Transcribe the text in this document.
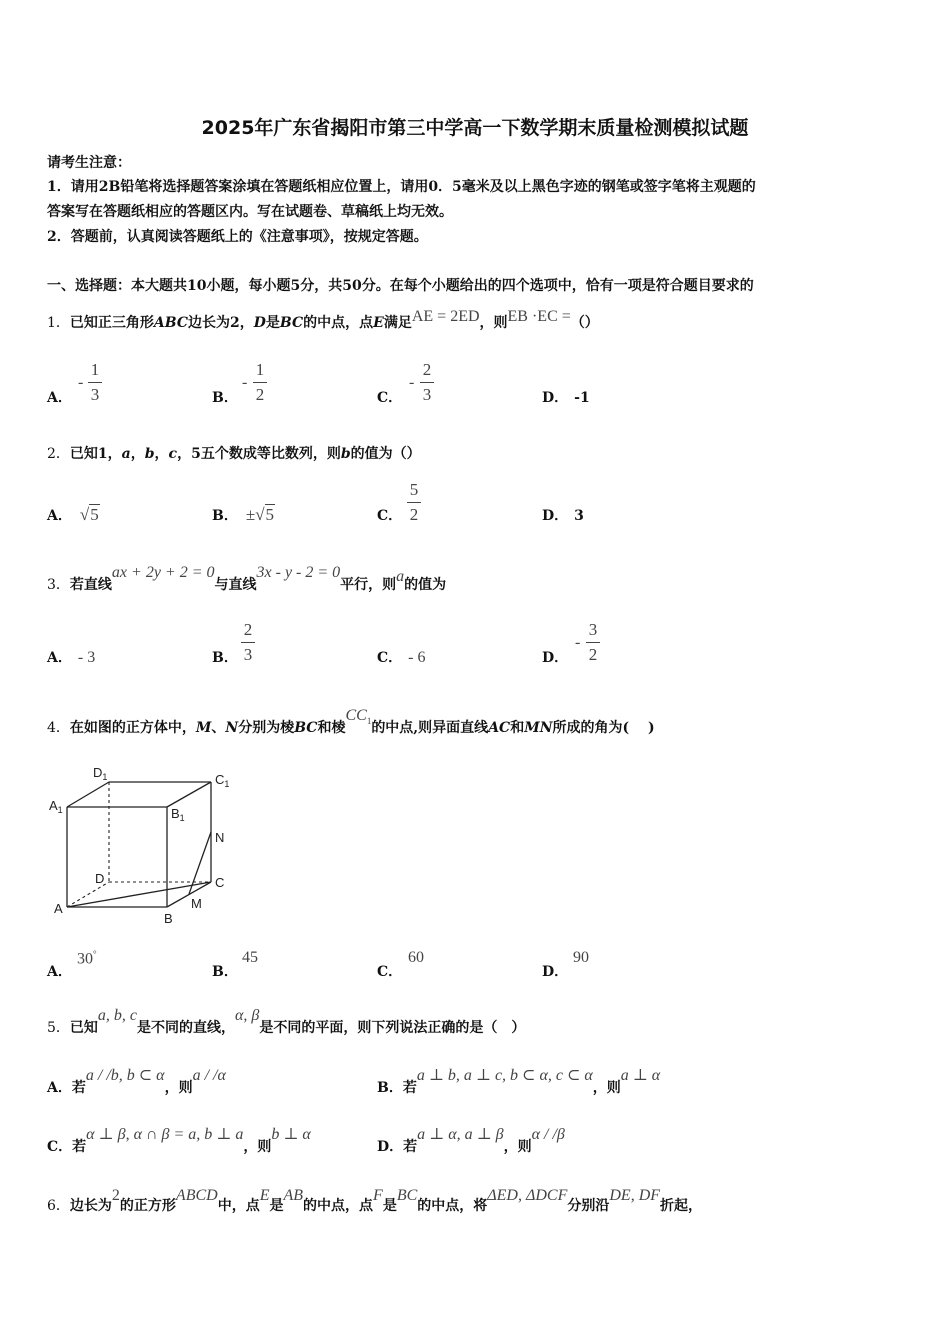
2025年广东省揭阳市第三中学高一下数学期末质量检测模拟试题
请考生注意：
1．请用2B铅笔将选择题答案涂填在答题纸相应位置上，请用0．5毫米及以上黑色字迹的钢笔或签字笔将主观题的
答案写在答题纸相应的答题区内。写在试题卷、草稿纸上均无效。
2．答题前，认真阅读答题纸上的《注意事项》，按规定答题。
一、选择题：本大题共10小题，每小题5分，共50分。在每个小题给出的四个选项中，恰有一项是符合题目要求的
1．已知正三角形ABC边长为2，D是BC的中点，点E满足AE = 2ED，则EB ·EC =（）
A．
-
1
3	B．
-
1
2	C．
-
2
3	D． -1
2．已知1，a，b，c，5五个数成等比数列，则b的值为（）
A． √5	B． ±√5	C．
5
2	D． 3
3．若直线ax + 2y + 2 = 0与直线3x - y - 2 = 0平行，则a的值为
A． - 3	B．
2
3	C． - 6	D．
-
3
2
4．在如图的正方体中，M、N分别为棱BC和棱$CC_1$的中点,则异面直线AC和MN所成的角为(　 )
$D_1$	$C_1$
$A_1$	$B_1$
N
D	C
A	M
B
A．
30°
B．
45
C．
60
D．
90
5．已知a, b, c是不同的直线，α, β是不同的平面，则下列说法正确的是（　）
A．若a / /b, b ⊂ α，则a / /α
B．若a ⊥ b, a ⊥ c, b ⊂ α, c ⊂ α，则a ⊥ α
C．若α ⊥ β, α ∩ β = a, b ⊥ a，则b ⊥ α
D．若a ⊥ α, a ⊥ β，则α / /β
6．边长为2的正方形ABCD中，点E是AB的中点，点F是BC的中点，将ΔED, ΔDCF分别沿DE, DF折起，
